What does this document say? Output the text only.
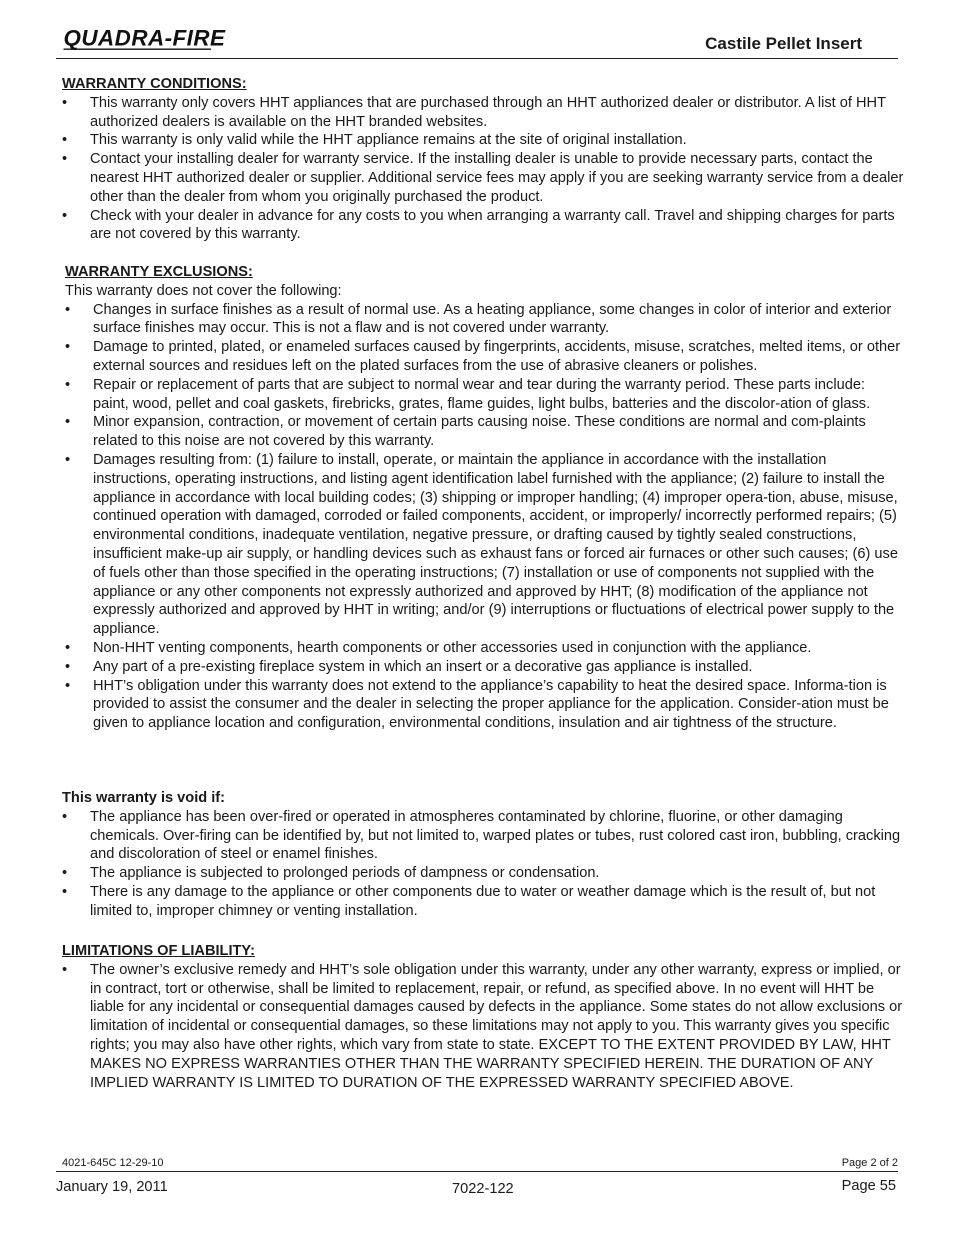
QUADRA-FIRE	Castile Pellet Insert
WARRANTY CONDITIONS:
• This warranty only covers HHT appliances that are purchased through an HHT authorized dealer or distributor. A list of HHT authorized dealers is available on the HHT branded websites.
• This warranty is only valid while the HHT appliance remains at the site of original installation.
• Contact your installing dealer for warranty service. If the installing dealer is unable to provide necessary parts, contact the nearest HHT authorized dealer or supplier. Additional service fees may apply if you are seeking warranty service from a dealer other than the dealer from whom you originally purchased the product.
• Check with your dealer in advance for any costs to you when arranging a warranty call. Travel and shipping charges for parts are not covered by this warranty.
WARRANTY EXCLUSIONS:

This warranty does not cover the following:

• Changes in surface finishes as a result of normal use. As a heating appliance, some changes in color of interior and exterior surface finishes may occur. This is not a flaw and is not covered under warranty.
• Damage to printed, plated, or enameled surfaces caused by fingerprints, accidents, misuse, scratches, melted items, or other external sources and residues left on the plated surfaces from the use of abrasive cleaners or polishes.
• Repair or replacement of parts that are subject to normal wear and tear during the warranty period. These parts include: paint, wood, pellet and coal gaskets, firebricks, grates, flame guides, light bulbs, batteries and the discolor-ation of glass.
• Minor expansion, contraction, or movement of certain parts causing noise. These conditions are normal and com-plaints related to this noise are not covered by this warranty.
• Damages resulting from: (1) failure to install, operate, or maintain the appliance in accordance with the installation instructions, operating instructions, and listing agent identification label furnished with the appliance; (2) failure to install the appliance in accordance with local building codes; (3) shipping or improper handling; (4) improper opera-tion, abuse, misuse, continued operation with damaged, corroded or failed components, accident, or improperly/ incorrectly performed repairs; (5) environmental conditions, inadequate ventilation, negative pressure, or drafting caused by tightly sealed constructions, insufficient make-up air supply, or handling devices such as exhaust fans or forced air furnaces or other such causes; (6) use of fuels other than those specified in the operating instructions; (7) installation or use of components not supplied with the appliance or any other components not expressly authorized and approved by HHT; (8) modification of the appliance not expressly authorized and approved by HHT in writing; and/or (9) interruptions or fluctuations of electrical power supply to the appliance.
• Non-HHT venting components, hearth components or other accessories used in conjunction with the appliance.
• Any part of a pre-existing fireplace system in which an insert or a decorative gas appliance is installed.
• HHT’s obligation under this warranty does not extend to the appliance’s capability to heat the desired space. Informa-tion is provided to assist the consumer and the dealer in selecting the proper appliance for the application. Consider-ation must be given to appliance location and configuration, environmental conditions, insulation and air tightness of the structure.
This warranty is void if:
• The appliance has been over-fired or operated in atmospheres contaminated by chlorine, fluorine, or other damaging chemicals. Over-firing can be identified by, but not limited to, warped plates or tubes, rust colored cast iron, bubbling, cracking and discoloration of steel or enamel finishes.
• The appliance is subjected to prolonged periods of dampness or condensation.
• There is any damage to the appliance or other components due to water or weather damage which is the result of, but not limited to, improper chimney or venting installation.
LIMITATIONS OF LIABILITY:
• The owner’s exclusive remedy and HHT’s sole obligation under this warranty, under any other warranty, express or implied, or in contract, tort or otherwise, shall be limited to replacement, repair, or refund, as specified above. In no event will HHT be liable for any incidental or consequential damages caused by defects in the appliance. Some states do not allow exclusions or limitation of incidental or consequential damages, so these limitations may not apply to you. This warranty gives you specific rights; you may also have other rights, which vary from state to state. EXCEPT TO THE EXTENT PROVIDED BY LAW, HHT MAKES NO EXPRESS WARRANTIES OTHER THAN THE WARRANTY SPECIFIED HEREIN. THE DURATION OF ANY IMPLIED WARRANTY IS LIMITED TO DURATION OF THE EXPRESSED WARRANTY SPECIFIED ABOVE.
4021-645C 12-29-10	Page 2 of 2
January 19, 2011	7022-122	Page 55
